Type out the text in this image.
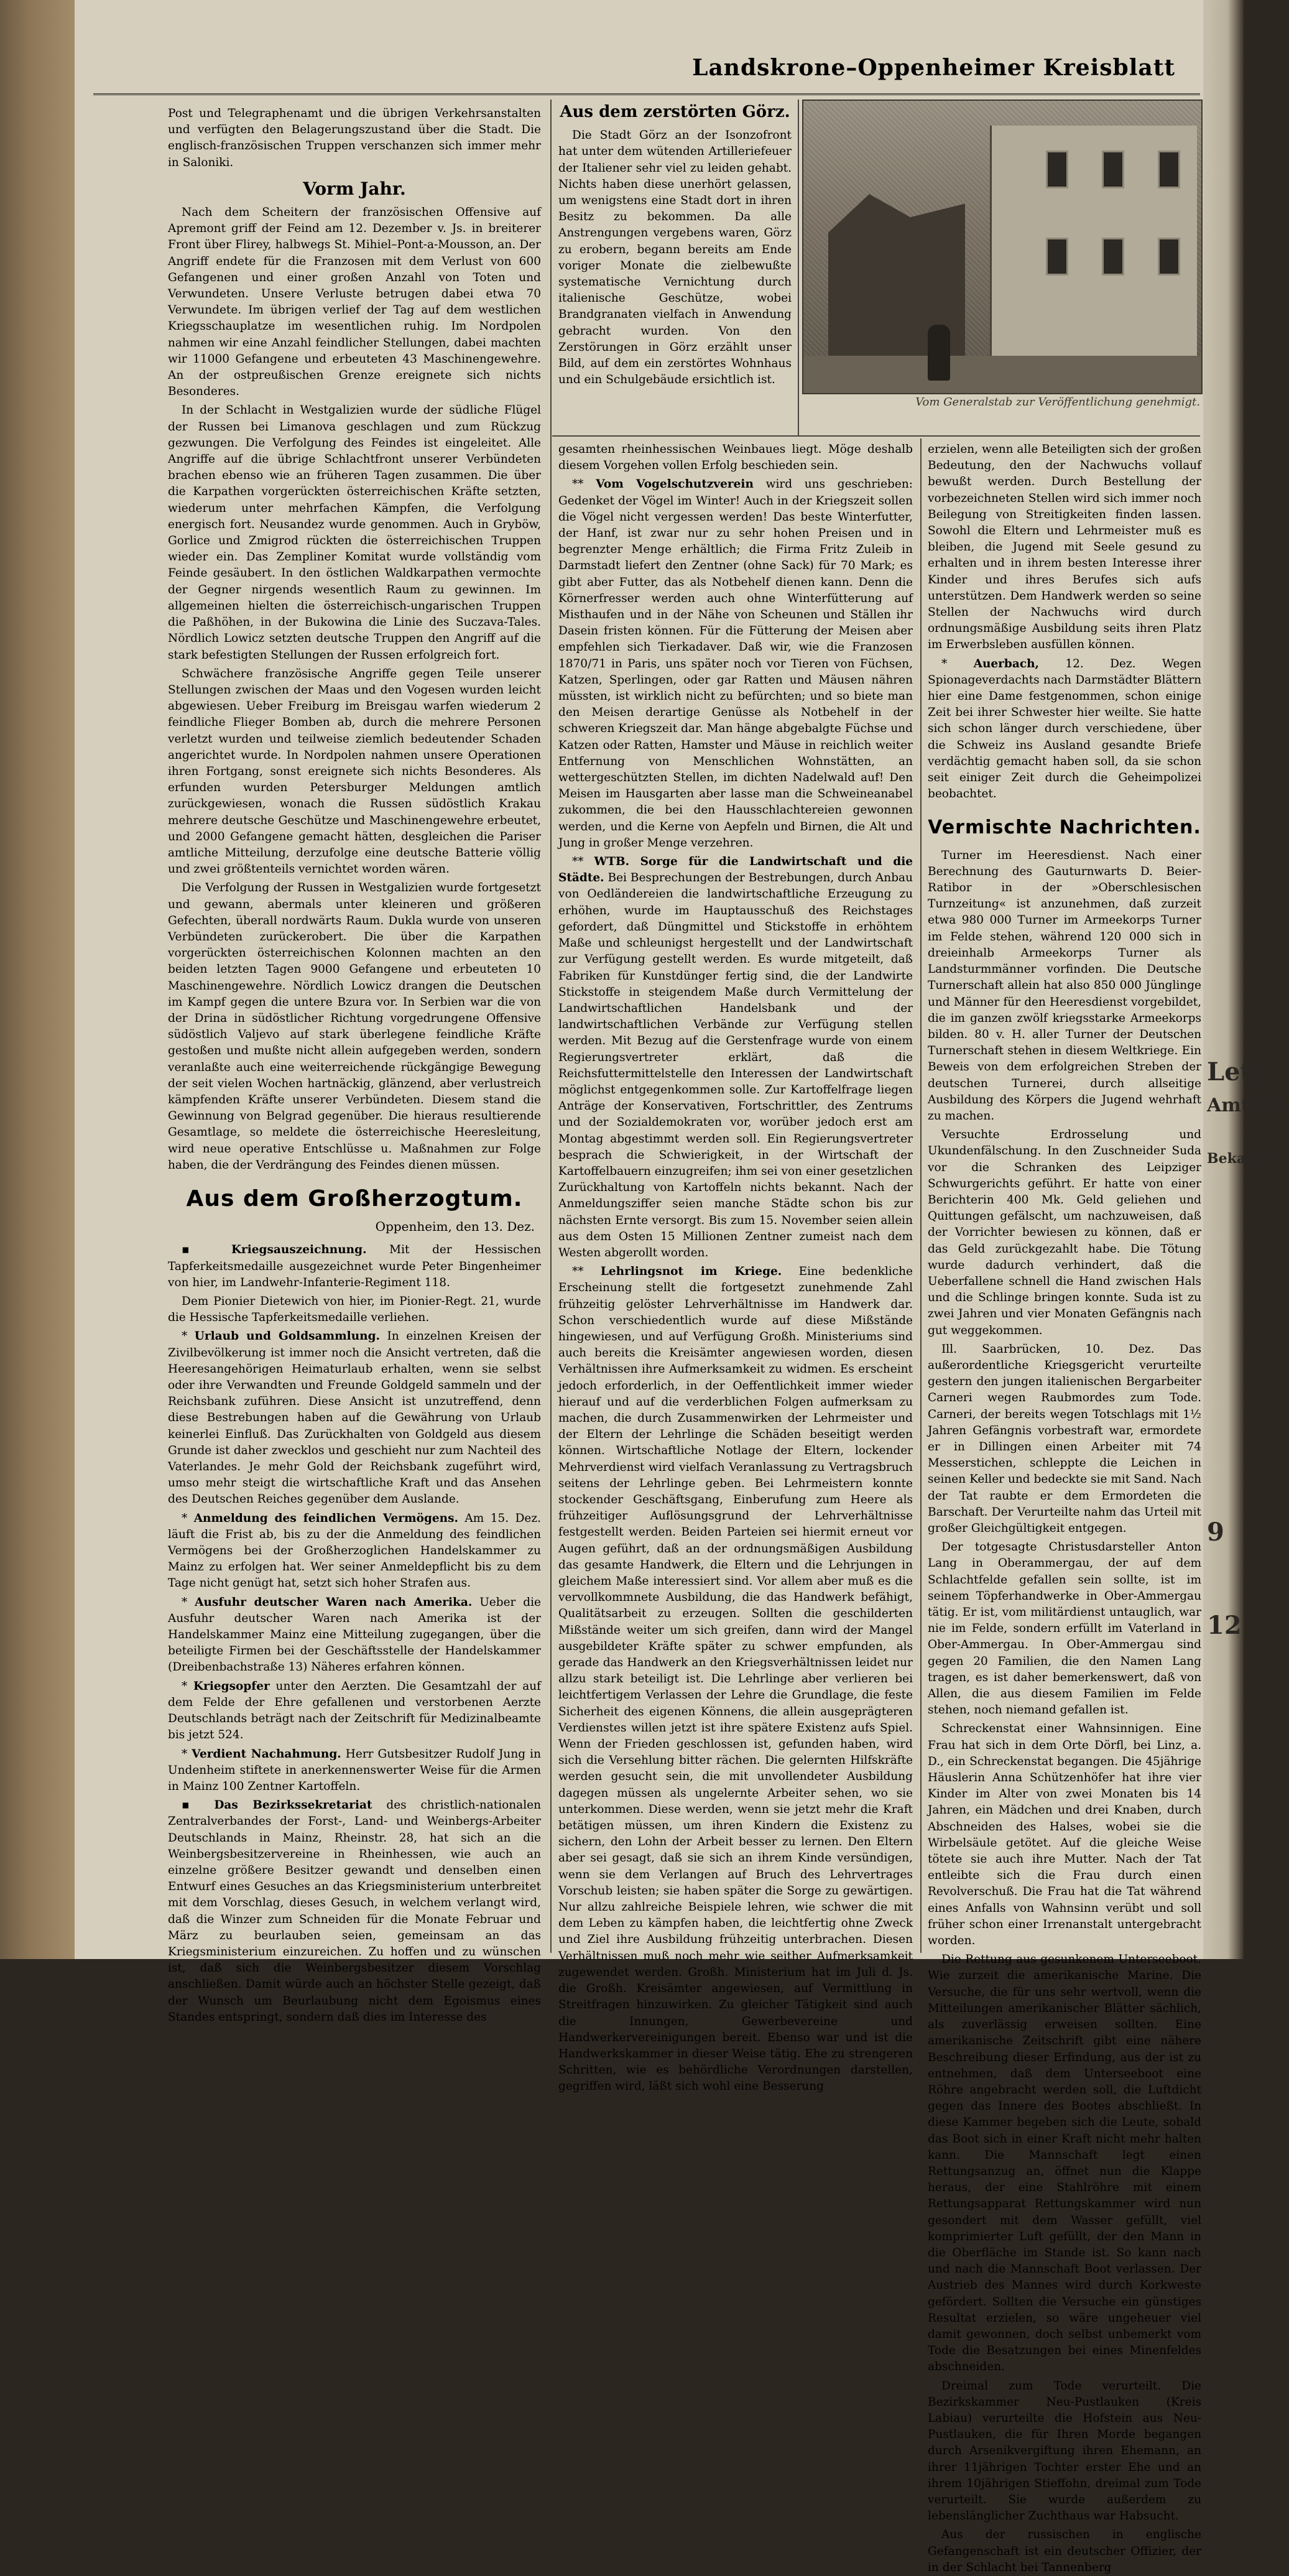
Landskrone–Oppenheimer Kreisblatt

Post und Telegraphenamt und die übrigen Verkehrsanstalten und verfügten den Belagerungszustand über die Stadt. Die englisch-französischen Truppen verschanzen sich immer mehr in Saloniki.

Vorm Jahr.

Nach dem Scheitern der französischen Offensive auf Apremont griff der Feind am 12. Dezember v. Js. in breiterer Front über Flirey, halbwegs St. Mihiel–Pont-a-Mousson, an. Der Angriff endete für die Franzosen mit dem Verlust von 600 Gefangenen und einer großen Anzahl von Toten und Verwundeten. Unsere Verluste betrugen dabei etwa 70 Verwundete. Im übrigen verlief der Tag auf dem westlichen Kriegsschauplatze im wesentlichen ruhig. Im Nordpolen nahmen wir eine Anzahl feindlicher Stellungen, dabei machten wir 11000 Gefangene und erbeuteten 43 Maschinengewehre. An der ostpreußischen Grenze ereignete sich nichts Besonderes.

In der Schlacht in Westgalizien wurde der südliche Flügel der Russen bei Limanova geschlagen und zum Rückzug gezwungen. Die Verfolgung des Feindes ist eingeleitet. Alle Angriffe auf die übrige Schlachtfront unserer Verbündeten brachen ebenso wie an früheren Tagen zusammen. Die über die Karpathen vorgerückten österreichischen Kräfte setzten, wiederum unter mehrfachen Kämpfen, die Verfolgung energisch fort. Neusandez wurde genommen. Auch in Gryböw, Gorlice und Zmigrod rückten die österreichischen Truppen wieder ein. Das Zempliner Komitat wurde vollständig vom Feinde gesäubert. In den östlichen Waldkarpathen vermochte der Gegner nirgends wesentlich Raum zu gewinnen. Im allgemeinen hielten die österreichisch-ungarischen Truppen die Paßhöhen, in der Bukowina die Linie des Suczava-Tales. Nördlich Lowicz setzten deutsche Truppen den Angriff auf die stark befestigten Stellungen der Russen erfolgreich fort.

Schwächere französische Angriffe gegen Teile unserer Stellungen zwischen der Maas und den Vogesen wurden leicht abgewiesen. Ueber Freiburg im Breisgau warfen wiederum 2 feindliche Flieger Bomben ab, durch die mehrere Personen verletzt wurden und teilweise ziemlich bedeutender Schaden angerichtet wurde. In Nordpolen nahmen unsere Operationen ihren Fortgang, sonst ereignete sich nichts Besonderes. Als erfunden wurden Petersburger Meldungen amtlich zurückgewiesen, wonach die Russen südöstlich Krakau mehrere deutsche Geschütze und Maschinengewehre erbeutet, und 2000 Gefangene gemacht hätten, desgleichen die Pariser amtliche Mitteilung, derzufolge eine deutsche Batterie völlig und zwei größtenteils vernichtet worden wären.

Die Verfolgung der Russen in Westgalizien wurde fortgesetzt und gewann, abermals unter kleineren und größeren Gefechten, überall nordwärts Raum. Dukla wurde von unseren Verbündeten zurückerobert. Die über die Karpathen vorgerückten österreichischen Kolonnen machten an den beiden letzten Tagen 9000 Gefangene und erbeuteten 10 Maschinengewehre. Nördlich Lowicz drangen die Deutschen im Kampf gegen die untere Bzura vor. In Serbien war die von der Drina in südöstlicher Richtung vorgedrungene Offensive südöstlich Valjevo auf stark überlegene feindliche Kräfte gestoßen und mußte nicht allein aufgegeben werden, sondern veranlaßte auch eine weiterreichende rückgängige Bewegung der seit vielen Wochen hartnäckig, glänzend, aber verlustreich kämpfenden Kräfte unserer Verbündeten. Diesem stand die Gewinnung von Belgrad gegenüber. Die hieraus resultierende Gesamtlage, so meldete die österreichische Heeresleitung, wird neue operative Entschlüsse u. Maßnahmen zur Folge haben, die der Verdrängung des Feindes dienen müssen.

Aus dem Großherzogtum.
Oppenheim, den 13. Dez.

▪ Kriegsauszeichnung. Mit der Hessischen Tapferkeitsmedaille ausgezeichnet wurde Peter Bingenheimer von hier, im Landwehr-Infanterie-Regiment 118.

Dem Pionier Dietewich von hier, im Pionier-Regt. 21, wurde die Hessische Tapferkeitsmedaille verliehen.

* Urlaub und Goldsammlung. In einzelnen Kreisen der Zivilbevölkerung ist immer noch die Ansicht vertreten, daß die Heeresangehörigen Heimaturlaub erhalten, wenn sie selbst oder ihre Verwandten und Freunde Goldgeld sammeln und der Reichsbank zuführen. Diese Ansicht ist unzutreffend, denn diese Bestrebungen haben auf die Gewährung von Urlaub keinerlei Einfluß. Das Zurückhalten von Goldgeld aus diesem Grunde ist daher zwecklos und geschieht nur zum Nachteil des Vaterlandes. Je mehr Gold der Reichsbank zugeführt wird, umso mehr steigt die wirtschaftliche Kraft und das Ansehen des Deutschen Reiches gegenüber dem Auslande.

* Anmeldung des feindlichen Vermögens. Am 15. Dez. läuft die Frist ab, bis zu der die Anmeldung des feindlichen Vermögens bei der Großherzoglichen Handelskammer zu Mainz zu erfolgen hat. Wer seiner Anmeldepflicht bis zu dem Tage nicht genügt hat, setzt sich hoher Strafen aus.

* Ausfuhr deutscher Waren nach Amerika. Ueber die Ausfuhr deutscher Waren nach Amerika ist der Handelskammer Mainz eine Mitteilung zugegangen, über die beteiligte Firmen bei der Geschäftsstelle der Handelskammer (Dreibenbachstraße 13) Näheres erfahren können.

* Kriegsopfer unter den Aerzten. Die Gesamtzahl der auf dem Felde der Ehre gefallenen und verstorbenen Aerzte Deutschlands beträgt nach der Zeitschrift für Medizinalbeamte bis jetzt 524.

* Verdient Nachahmung. Herr Gutsbesitzer Rudolf Jung in Undenheim stiftete in anerkennenswerter Weise für die Armen in Mainz 100 Zentner Kartoffeln.

▪ Das Bezirkssekretariat des christlich-nationalen Zentralverbandes der Forst-, Land- und Weinbergs-Arbeiter Deutschlands in Mainz, Rheinstr. 28, hat sich an die Weinbergsbesitzervereine in Rheinhessen, wie auch an einzelne größere Besitzer gewandt und denselben einen Entwurf eines Gesuches an das Kriegsministerium unterbreitet mit dem Vorschlag, dieses Gesuch, in welchem verlangt wird, daß die Winzer zum Schneiden für die Monate Februar und März zu beurlauben seien, gemeinsam an das Kriegsministerium einzureichen. Zu hoffen und zu wünschen ist, daß sich die Weinbergsbesitzer diesem Vorschlag anschließen. Damit würde auch an höchster Stelle gezeigt, daß der Wunsch um Beurlaubung nicht dem Egoismus eines Standes entspringt, sondern daß dies im Interesse des

Aus dem zerstörten Görz.

Die Stadt Görz an der Isonzofront hat unter dem wütenden Artilleriefeuer der Italiener sehr viel zu leiden gehabt. Nichts haben diese unerhört gelassen, um wenigstens eine Stadt dort in ihren Besitz zu bekommen. Da alle Anstrengungen vergebens waren, Görz zu erobern, begann bereits am Ende voriger Monate die zielbewußte systematische Vernichtung durch italienische Geschütze, wobei Brandgranaten vielfach in Anwendung gebracht wurden. Von den Zerstörungen in Görz erzählt unser Bild, auf dem ein zerstörtes Wohnhaus und ein Schulgebäude ersichtlich ist.

Vom Generalstab zur Veröffentlichung genehmigt.

gesamten rheinhessischen Weinbaues liegt. Möge deshalb diesem Vorgehen vollen Erfolg beschieden sein.

** Vom Vogelschutzverein wird uns geschrieben: Gedenket der Vögel im Winter! Auch in der Kriegszeit sollen die Vögel nicht vergessen werden! Das beste Winterfutter, der Hanf, ist zwar nur zu sehr hohen Preisen und in begrenzter Menge erhältlich; die Firma Fritz Zuleib in Darmstadt liefert den Zentner (ohne Sack) für 70 Mark; es gibt aber Futter, das als Notbehelf dienen kann. Denn die Körnerfresser werden auch ohne Winterfütterung auf Misthaufen und in der Nähe von Scheunen und Ställen ihr Dasein fristen können. Für die Fütterung der Meisen aber empfehlen sich Tierkadaver. Daß wir, wie die Franzosen 1870/71 in Paris, uns später noch vor Tieren von Füchsen, Katzen, Sperlingen, oder gar Ratten und Mäusen nähren müssten, ist wirklich nicht zu befürchten; und so biete man den Meisen derartige Genüsse als Notbehelf in der schweren Kriegszeit dar. Man hänge abgebalgte Füchse und Katzen oder Ratten, Hamster und Mäuse in reichlich weiter Entfernung von Menschlichen Wohnstätten, an wettergeschützten Stellen, im dichten Nadelwald auf! Den Meisen im Hausgarten aber lasse man die Schweineanabel zukommen, die bei den Hausschlachtereien gewonnen werden, und die Kerne von Aepfeln und Birnen, die Alt und Jung in großer Menge verzehren.

** WTB. Sorge für die Landwirtschaft und die Städte. Bei Besprechungen der Bestrebungen, durch Anbau von Oedländereien die landwirtschaftliche Erzeugung zu erhöhen, wurde im Hauptausschuß des Reichstages gefordert, daß Düngmittel und Stickstoffe in erhöhtem Maße und schleunigst hergestellt und der Landwirtschaft zur Verfügung gestellt werden. Es wurde mitgeteilt, daß Fabriken für Kunstdünger fertig sind, die der Landwirte Stickstoffe in steigendem Maße durch Vermittelung der Landwirtschaftlichen Handelsbank und der landwirtschaftlichen Verbände zur Verfügung stellen werden. Mit Bezug auf die Gerstenfrage wurde von einem Regierungsvertreter erklärt, daß die Reichsfuttermittelstelle den Interessen der Landwirtschaft möglichst entgegenkommen solle. Zur Kartoffelfrage liegen Anträge der Konservativen, Fortschrittler, des Zentrums und der Sozialdemokraten vor, worüber jedoch erst am Montag abgestimmt werden soll. Ein Regierungsvertreter besprach die Schwierigkeit, in der Wirtschaft der Kartoffelbauern einzugreifen; ihm sei von einer gesetzlichen Zurückhaltung von Kartoffeln nichts bekannt. Nach der Anmeldungsziffer seien manche Städte schon bis zur nächsten Ernte versorgt. Bis zum 15. November seien allein aus dem Osten 15 Millionen Zentner zumeist nach dem Westen abgerollt worden.

** Lehrlingsnot im Kriege. Eine bedenkliche Erscheinung stellt die fortgesetzt zunehmende Zahl frühzeitig gelöster Lehrverhältnisse im Handwerk dar. Schon verschiedentlich wurde auf diese Mißstände hingewiesen, und auf Verfügung Großh. Ministeriums sind auch bereits die Kreisämter angewiesen worden, diesen Verhältnissen ihre Aufmerksamkeit zu widmen. Es erscheint jedoch erforderlich, in der Oeffentlichkeit immer wieder hierauf und auf die verderblichen Folgen aufmerksam zu machen, die durch Zusammenwirken der Lehrmeister und der Eltern der Lehrlinge die Schäden beseitigt werden können. Wirtschaftliche Notlage der Eltern, lockender Mehrverdienst wird vielfach Veranlassung zu Vertragsbruch seitens der Lehrlinge geben. Bei Lehrmeistern konnte stockender Geschäftsgang, Einberufung zum Heere als frühzeitiger Auflösungsgrund der Lehrverhältnisse festgestellt werden. Beiden Parteien sei hiermit erneut vor Augen geführt, daß an der ordnungsmäßigen Ausbildung das gesamte Handwerk, die Eltern und die Lehrjungen in gleichem Maße interessiert sind. Vor allem aber muß es die vervollkommnete Ausbildung, die das Handwerk befähigt, Qualitätsarbeit zu erzeugen. Sollten die geschilderten Mißstände weiter um sich greifen, dann wird der Mangel ausgebildeter Kräfte später zu schwer empfunden, als gerade das Handwerk an den Kriegsverhältnissen leidet nur allzu stark beteiligt ist. Die Lehrlinge aber verlieren bei leichtfertigem Verlassen der Lehre die Grundlage, die feste Sicherheit des eigenen Könnens, die allein ausgeprägteren Verdienstes willen jetzt ist ihre spätere Existenz aufs Spiel. Wenn der Frieden geschlossen ist, gefunden haben, wird sich die Versehlung bitter rächen. Die gelernten Hilfskräfte werden gesucht sein, die mit unvollendeter Ausbildung dagegen müssen als ungelernte Arbeiter sehen, wo sie unterkommen. Diese werden, wenn sie jetzt mehr die Kraft betätigen müssen, um ihren Kindern die Existenz zu sichern, den Lohn der Arbeit besser zu lernen. Den Eltern aber sei gesagt, daß sie sich an ihrem Kinde versündigen, wenn sie dem Verlangen auf Bruch des Lehrvertrages Vorschub leisten; sie haben später die Sorge zu gewärtigen. Nur allzu zahlreiche Beispiele lehren, wie schwer die mit dem Leben zu kämpfen haben, die leichtfertig ohne Zweck und Ziel ihre Ausbildung frühzeitig unterbrachen. Diesen Verhältnissen muß noch mehr wie seither Aufmerksamkeit zugewendet werden. Großh. Ministerium hat im Juli d. Js. die Großh. Kreisämter angewiesen, auf Vermittlung in Streitfragen hinzuwirken. Zu gleicher Tätigkeit sind auch die Innungen, Gewerbevereine und Handwerkervereinigungen bereit. Ebenso war und ist die Handwerkskammer in dieser Weise tätig. Ehe zu strengeren Schritten, wie es behördliche Verordnungen darstellen, gegriffen wird, läßt sich wohl eine Besserung

erzielen, wenn alle Beteiligten sich der großen Bedeutung, den der Nachwuchs vollauf bewußt werden. Durch Bestellung der vorbezeichneten Stellen wird sich immer noch Beilegung von Streitigkeiten finden lassen. Sowohl die Eltern und Lehrmeister muß es bleiben, die Jugend mit Seele gesund zu erhalten und in ihrem besten Interesse ihrer Kinder und ihres Berufes sich aufs unterstützen. Dem Handwerk werden so seine Stellen der Nachwuchs wird durch ordnungsmäßige Ausbildung seits ihren Platz im Erwerbsleben ausfüllen können.

* Auerbach, 12. Dez. Wegen Spionageverdachts nach Darmstädter Blättern hier eine Dame festgenommen, schon einige Zeit bei ihrer Schwester hier weilte. Sie hatte sich schon länger durch verschiedene, über die Schweiz ins Ausland gesandte Briefe verdächtig gemacht haben soll, da sie schon seit einiger Zeit durch die Geheimpolizei beobachtet.

Vermischte Nachrichten.

Turner im Heeresdienst. Nach einer Berechnung des Gauturnwarts D. Beier-Ratibor in der »Oberschlesischen Turnzeitung« ist anzunehmen, daß zurzeit etwa 980 000 Turner im Armeekorps Turner im Felde stehen, während 120 000 sich in dreieinhalb Armeekorps Turner als Landsturmmänner vorfinden. Die Deutsche Turnerschaft allein hat also 850 000 Jünglinge und Männer für den Heeresdienst vorgebildet, die im ganzen zwölf kriegsstarke Armeekorps bilden. 80 v. H. aller Turner der Deutschen Turnerschaft stehen in diesem Weltkriege. Ein Beweis von dem erfolgreichen Streben der deutschen Turnerei, durch allseitige Ausbildung des Körpers die Jugend wehrhaft zu machen.

Versuchte Erdrosselung und Ukundenfälschung. In den Zuschneider Suda vor die Schranken des Leipziger Schwurgerichts geführt. Er hatte von einer Berichterin 400 Mk. Geld geliehen und Quittungen gefälscht, um nachzuweisen, daß der Vorrichter bewiesen zu können, daß er das Geld zurückgezahlt habe. Die Tötung wurde dadurch verhindert, daß die Ueberfallene schnell die Hand zwischen Hals und die Schlinge bringen konnte. Suda ist zu zwei Jahren und vier Monaten Gefängnis nach gut weggekommen.

Ill. Saarbrücken, 10. Dez. Das außerordentliche Kriegsgericht verurteilte gestern den jungen italienischen Bergarbeiter Carneri wegen Raubmordes zum Tode. Carneri, der bereits wegen Totschlags mit 1½ Jahren Gefängnis vorbestraft war, ermordete er in Dillingen einen Arbeiter mit 74 Messerstichen, schleppte die Leichen in seinen Keller und bedeckte sie mit Sand. Nach der Tat raubte er dem Ermordeten die Barschaft. Der Verurteilte nahm das Urteil mit großer Gleichgültigkeit entgegen.

Der totgesagte Christusdarsteller Anton Lang in Oberammergau, der auf dem Schlachtfelde gefallen sein sollte, ist im seinem Töpferhandwerke in Ober-Ammergau tätig. Er ist, vom militärdienst untauglich, war nie im Felde, sondern erfüllt im Vaterland in Ober-Ammergau. In Ober-Ammergau sind gegen 20 Familien, die den Namen Lang tragen, es ist daher bemerkenswert, daß von Allen, die aus diesem Familien im Felde stehen, noch niemand gefallen ist.

Schreckenstat einer Wahnsinnigen. Eine Frau hat sich in dem Orte Dörfl, bei Linz, a. D., ein Schreckenstat begangen. Die 45jährige Häuslerin Anna Schützenhöfer hat ihre vier Kinder im Alter von zwei Monaten bis 14 Jahren, ein Mädchen und drei Knaben, durch Abschneiden des Halses, wobei sie die Wirbelsäule getötet. Auf die gleiche Weise tötete sie auch ihre Mutter. Nach der Tat entleibte sich die Frau durch einen Revolverschuß. Die Frau hat die Tat während eines Anfalls von Wahnsinn verübt und soll früher schon einer Irrenanstalt untergebracht worden.

Die Rettung aus gesunkenem Unterseeboot. Wie zurzeit die amerikanische Marine. Die Versuche, die für uns sehr wertvoll, wenn die Mitteilungen amerikanischer Blätter sächlich, als zuverlässig erweisen sollten. Eine amerikanische Zeitschrift gibt eine nähere Beschreibung dieser Erfindung, aus der ist zu entnehmen, daß dem Unterseeboot eine Röhre angebracht werden soll, die Luftdicht gegen das Innere des Bootes abschließt. In diese Kammer begeben sich die Leute, sobald das Boot sich in einer Kraft nicht mehr halten kann. Die Mannschaft legt einen Rettungsanzug an, öffnet nun die Klappe heraus, der eine Stahlröhre mit einem Rettungsapparat Rettungskammer wird nun gesondert mit dem Wasser gefüllt, viel komprimierter Luft gefüllt, der den Mann in die Oberfläche im Stande ist. So kann nach und nach die Mannschaft Boot verlassen. Der Austrieb des Mannes wird durch Korkweste gefördert. Sollten die Versuche ein günstiges Resultat erzielen, so wäre ungeheuer viel damit gewonnen, doch selbst unbemerkt vom Tode die Besatzungen bei eines Minenfeldes abschneiden.

Dreimal zum Tode verurteilt. Die Bezirkskammer Neu-Pustlauken (Kreis Labiau) verurteilte die Hofstein aus Neu-Pustlauken, die für Ihren Morde begangen durch Arsenikvergiftung ihren Ehemann, an ihrer 11jährigen Tochter erster Ehe und an ihrem 10jährigen Stieffohn, dreimal zum Tode verurteilt. Sie wurde außerdem zu lebenslänglicher Zuchthaus war Habsucht.

Aus der russischen in englische Gefangenschaft ist ein deutscher Offizier, der in der Schlacht bei Tannenberg

Letz

Amtlich

Bekannt

9

12
